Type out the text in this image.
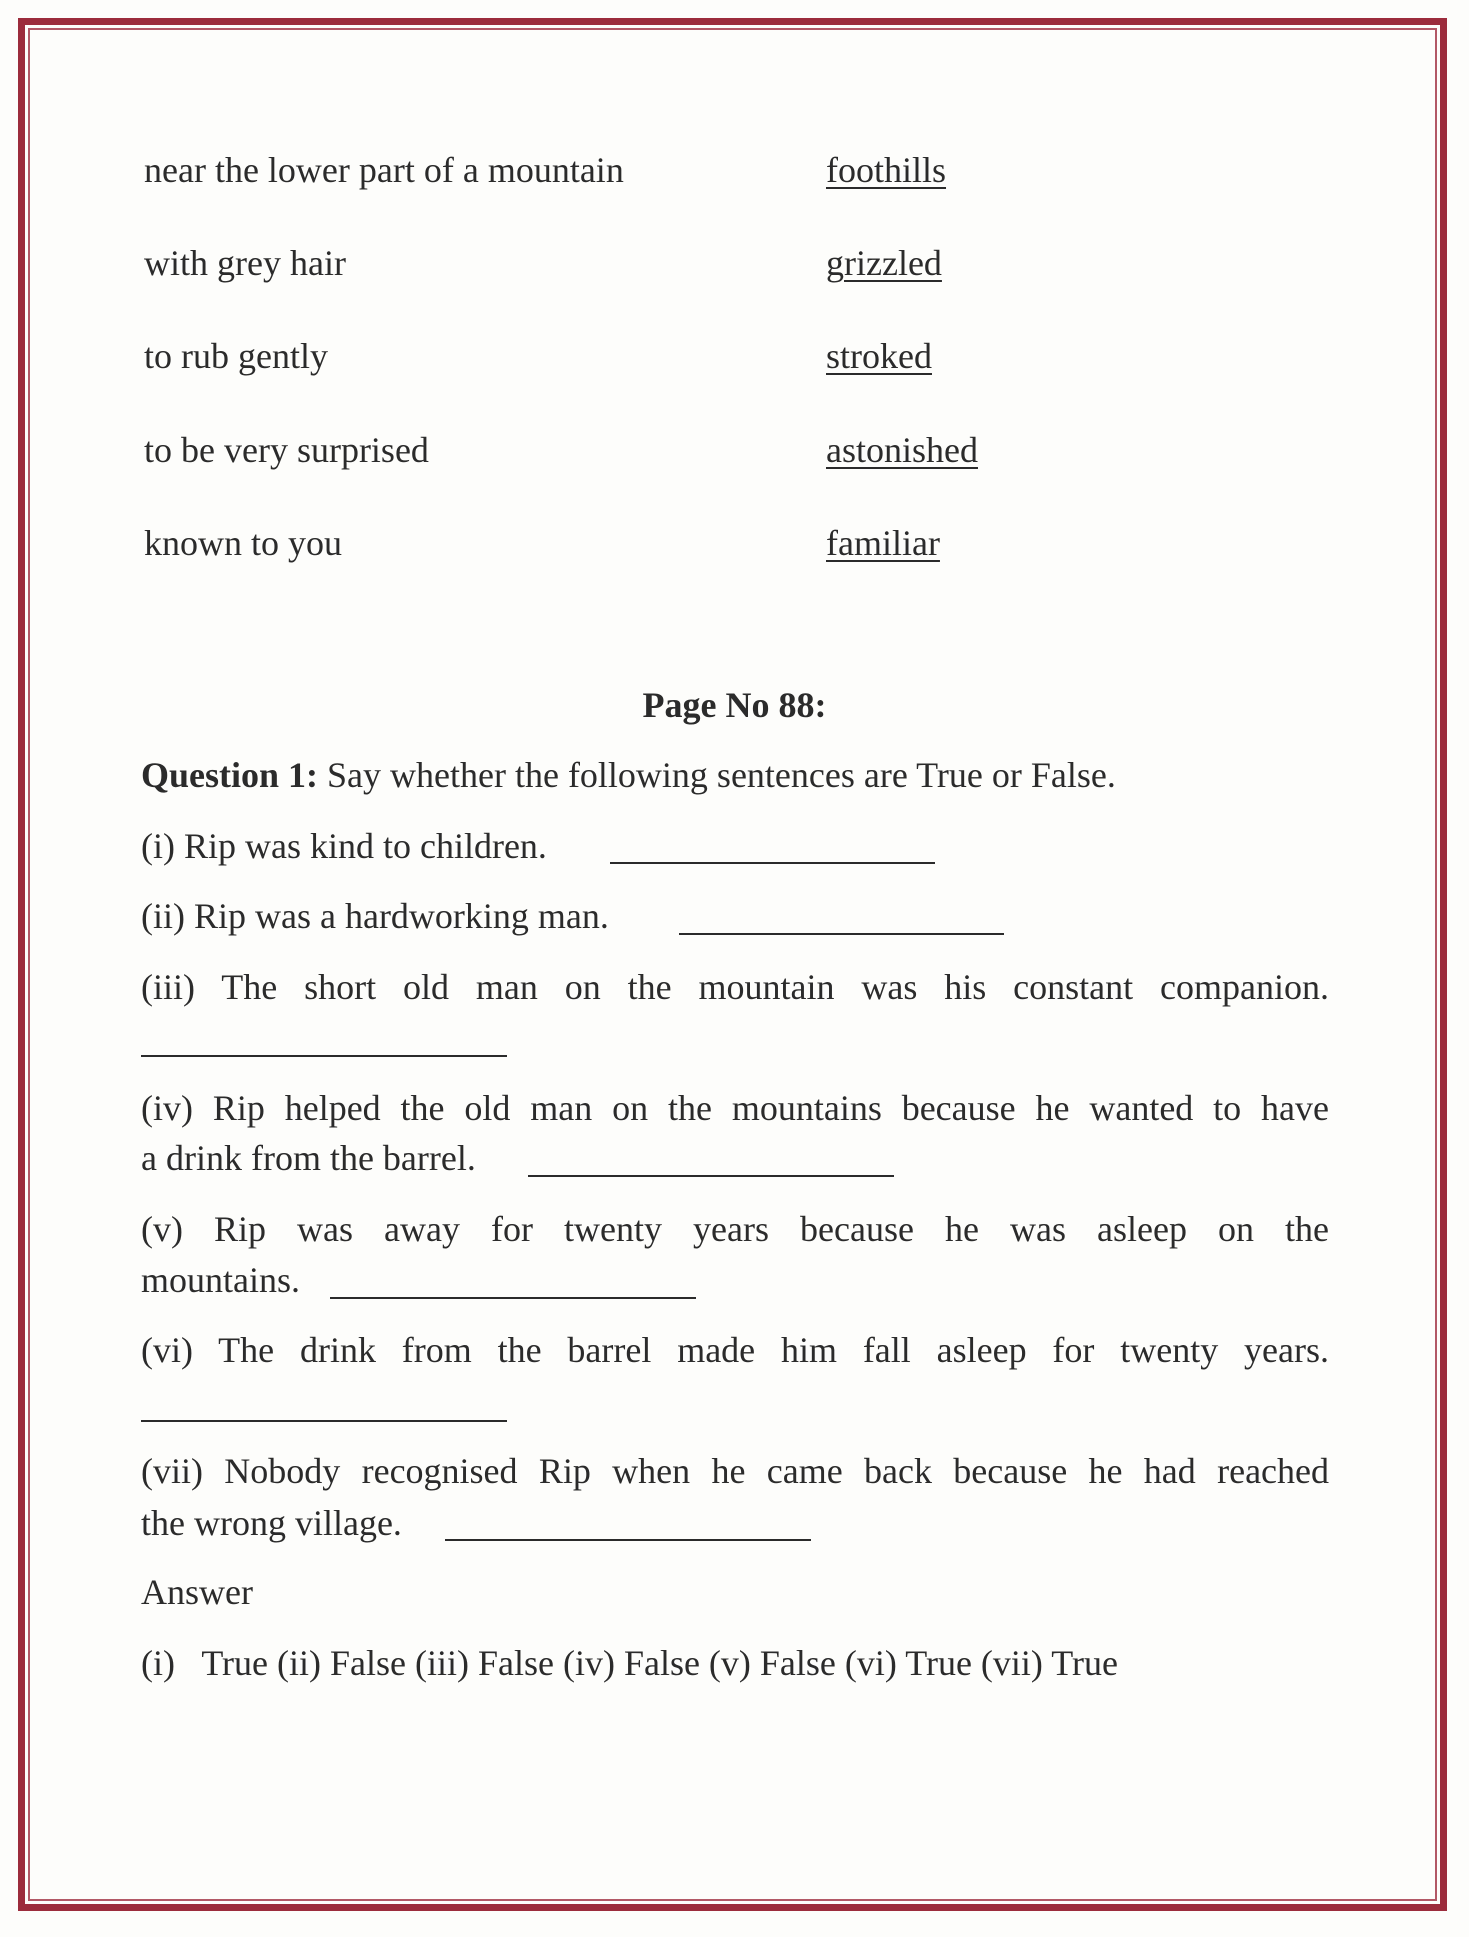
near the lower part of a mountain	foothills
with grey hair	grizzled
to rub gently	stroked
to be very surprised	astonished
known to you	familiar
Page No 88:
Question 1: Say whether the following sentences are True or False.
(i) Rip was kind to children.
(ii) Rip was a hardworking man.
(iii) The short old man on the mountain was his constant companion.
(iv) Rip helped the old man on the mountains because he wanted to have
a drink from the barrel.
(v) Rip was away for twenty years because he was asleep on the
mountains.
(vi) The drink from the barrel made him fall asleep for twenty years.
(vii) Nobody recognised Rip when he came back because he had reached
the wrong village.
Answer
(i)   True (ii) False (iii) False (iv) False (v) False (vi) True (vii) True
